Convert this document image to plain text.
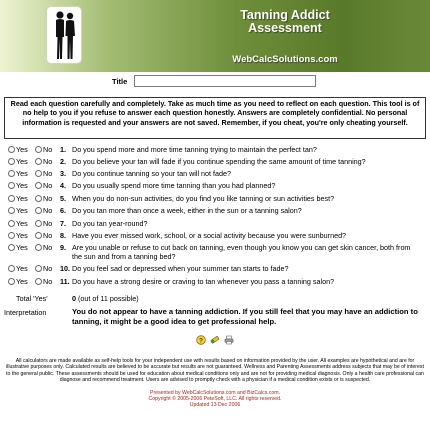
Tanning Addict
Assessment
WebCalcSolutions.com
Title
Read each question carefully and completely. Take as much time as you need to reflect on each question. This tool is of no help to you if you refuse to answer each question honestly. Answers are completely confidential. No personal information is requested and your answers are not saved. Remember, if you cheat, you're only cheating yourself.
Yes No 1. Do you spend more and more time tanning trying to maintain the perfect tan?
Yes No 2. Do you believe your tan will fade if you continue spending the same amount of time tanning?
Yes No 3. Do you continue tanning so your tan will not fade?
Yes No 4. Do you usually spend more time tanning than you had planned?
Yes No 5. When you do non-sun activities, do you find you like tanning or sun activities best?
Yes No 6. Do you tan more than once a week, either in the sun or a tanning salon?
Yes No 7. Do you tan year-round?
Yes No 8. Have you ever missed work, school, or a social activity because you were sunburned?
Yes No 9. Are you unable or refuse to cut back on tanning, even though you know you can get skin cancer, both from the sun and from a tanning bed?
Yes No 10. Do you feel sad or depressed when your summer tan starts to fade?
Yes No 11. Do you have a strong desire or craving to tan whenever you pass a tanning salon?
Total 'Yes'	0 (out of 11 possible)
Interpretation	You do not appear to have a tanning addiction. If you still feel that you may have an addiction to tanning, it might be a good idea to get professional help.
?
All calculators are made available as self-help tools for your independent use with results based on information provided by the user. All examples are hypothetical and are for illustrative purposes only. Calculated results are believed to be accurate but results are not guaranteed. Wellness and Parenting Assessments address subjects that may be of interest to the general public. These assessments should be used for education about medical conditions only and are not for providing medical diagnosis. Only a health care professional can diagnose and recommend treatment. Users are advised to promptly check with a physician if a medical condition exists or is suspected.
Presented by WebCalcSolutions.com and BizCalcs.com.
Copyright © 2005-2006 PeteSoft, LLC. All rights reserved.
Updated 13 Dec 2006
